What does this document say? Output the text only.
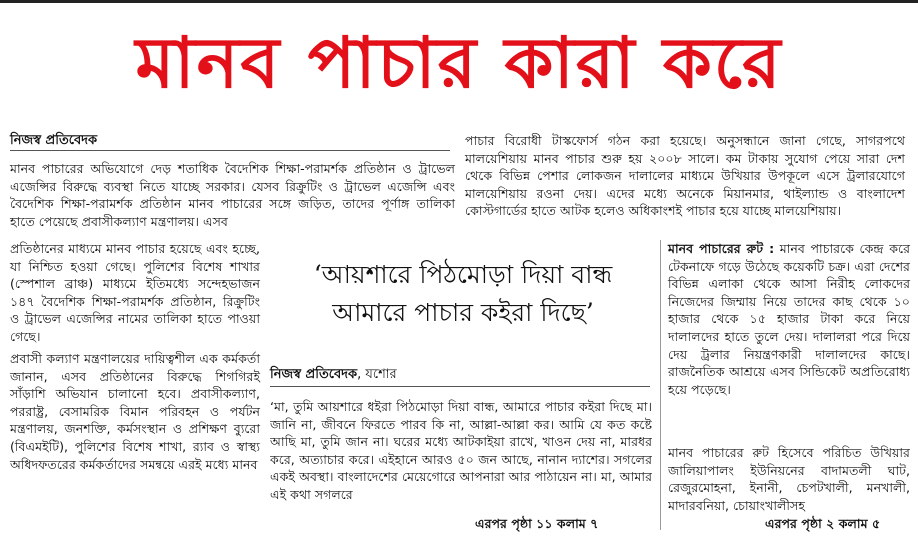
মানব পাচার কারা করে
নিজস্ব প্রতিবেদক
মানব পাচারের অভিযোগে দেড় শতাধিক বৈদেশিক শিক্ষা-পরামর্শক প্রতিষ্ঠান ও ট্রাভেল এজেন্সির বিরুদ্ধে ব্যবস্থা নিতে যাচ্ছে সরকার। যেসব রিক্রুটিং ও ট্রাভেল এজেন্সি এবং বৈদেশিক শিক্ষা-পরামর্শক প্রতিষ্ঠান মানব পাচারের সঙ্গে জড়িত, তাদের পূর্ণাঙ্গ তালিকা হাতে পেয়েছে প্রবাসীকল্যাণ মন্ত্রণালয়। এসব
প্রতিষ্ঠানের মাধ্যমে মানব পাচার হয়েছে এবং হচ্ছে, যা নিশ্চিত হওয়া গেছে। পুলিশের বিশেষ শাখার (স্পেশাল ব্রাঞ্চ) মাধ্যমে ইতিমধ্যে সন্দেহভাজন ১৪৭ বৈদেশিক শিক্ষা-পরামর্শক প্রতিষ্ঠান, রিক্রুটিং ও ট্রাভেল এজেন্সির নামের তালিকা হাতে পাওয়া গেছে।
প্রবাসী কল্যাণ মন্ত্রণালয়ের দায়িত্বশীল এক কর্মকর্তা জানান, এসব প্রতিষ্ঠানের বিরুদ্ধে শিগগিরই সাঁড়াশি অভিযান চালানো হবে। প্রবাসীকল্যাণ, পররাষ্ট্র, বেসামরিক বিমান পরিবহন ও পর্যটন মন্ত্রণালয়, জনশক্তি, কর্মসংস্থান ও প্রশিক্ষণ ব্যুরো (বিএমইটি), পুলিশের বিশেষ শাখা, র‍্যাব ও স্বাস্থ্য অধিদফতরের কর্মকর্তাদের সমন্বয়ে এরই মধ্যে মানব
পাচার বিরোধী টাস্কফোর্স গঠন করা হয়েছে। অনুসন্ধানে জানা গেছে, সাগরপথে মালয়েশিয়ায় মানব পাচার শুরু হয় ২০০৮ সালে। কম টাকায় সুযোগ পেয়ে সারা দেশ থেকে বিভিন্ন পেশার লোকজন দালালের মাধ্যমে উখিয়ার উপকূলে এসে ট্রলারযোগে মালয়েশিয়ায় রওনা দেয়। এদের মধ্যে অনেকে মিয়ানমার, থাইল্যান্ড ও বাংলাদেশ কোস্টগার্ডের হাতে আটক হলেও অধিকাংশই পাচার হয়ে যাচ্ছে মালয়েশিয়ায়।
‘আয়শারে পিঠমোড়া দিয়া বান্ধ
আমারে পাচার কইরা দিছে’
নিজস্ব প্রতিবেদক, যশোর
‘মা, তুমি আয়শারে ধইরা পিঠমোড়া দিয়া বান্ধ, আমারে পাচার কইরা দিছে মা। জানি না, জীবনে ফিরতে পারব কি না, আল্লা-আল্লা কর। আমি যে কত কষ্টে আছি মা, তুমি জান না। ঘরের মধ্যে আটকাইয়া রাখে, খাওন দেয় না, মারধর করে, অত্যাচার করে। এইহানে আরও ৫০ জন আছে, নানান দ্যাশের। সগলের একই অবস্থা। বাংলাদেশের মেয়েগোরে আপনারা আর পাঠায়েন না। মা, আমার এই কথা সগলরে
এরপর পৃষ্ঠা ১১ কলাম ৭
মানব পাচারের রুট : মানব পাচারকে কেন্দ্র করে টেকনাফে গড়ে উঠেছে কয়েকটি চক্র। এরা দেশের বিভিন্ন এলাকা থেকে আসা নিরীহ লোকদের নিজেদের জিম্মায় নিয়ে তাদের কাছ থেকে ১০ হাজার থেকে ১৫ হাজার টাকা করে নিয়ে দালালদের হাতে তুলে দেয়। দালালরা পরে দিয়ে দেয় ট্রলার নিয়ন্ত্রণকারী দালালদের কাছে। রাজনৈতিক আশ্রয়ে এসব সিন্ডিকেট অপ্রতিরোধ্য হয়ে পড়েছে।
মানব পাচারের রুট হিসেবে পরিচিত উখিয়ার জালিয়াপালং ইউনিয়নের বাদামতলী ঘাট, রেজুরমোহনা, ইনানী, চেপটখালী, মনখালী, মাদারবনিয়া, চোয়াংখালীসহ
এরপর পৃষ্ঠা ২ কলাম ৫
